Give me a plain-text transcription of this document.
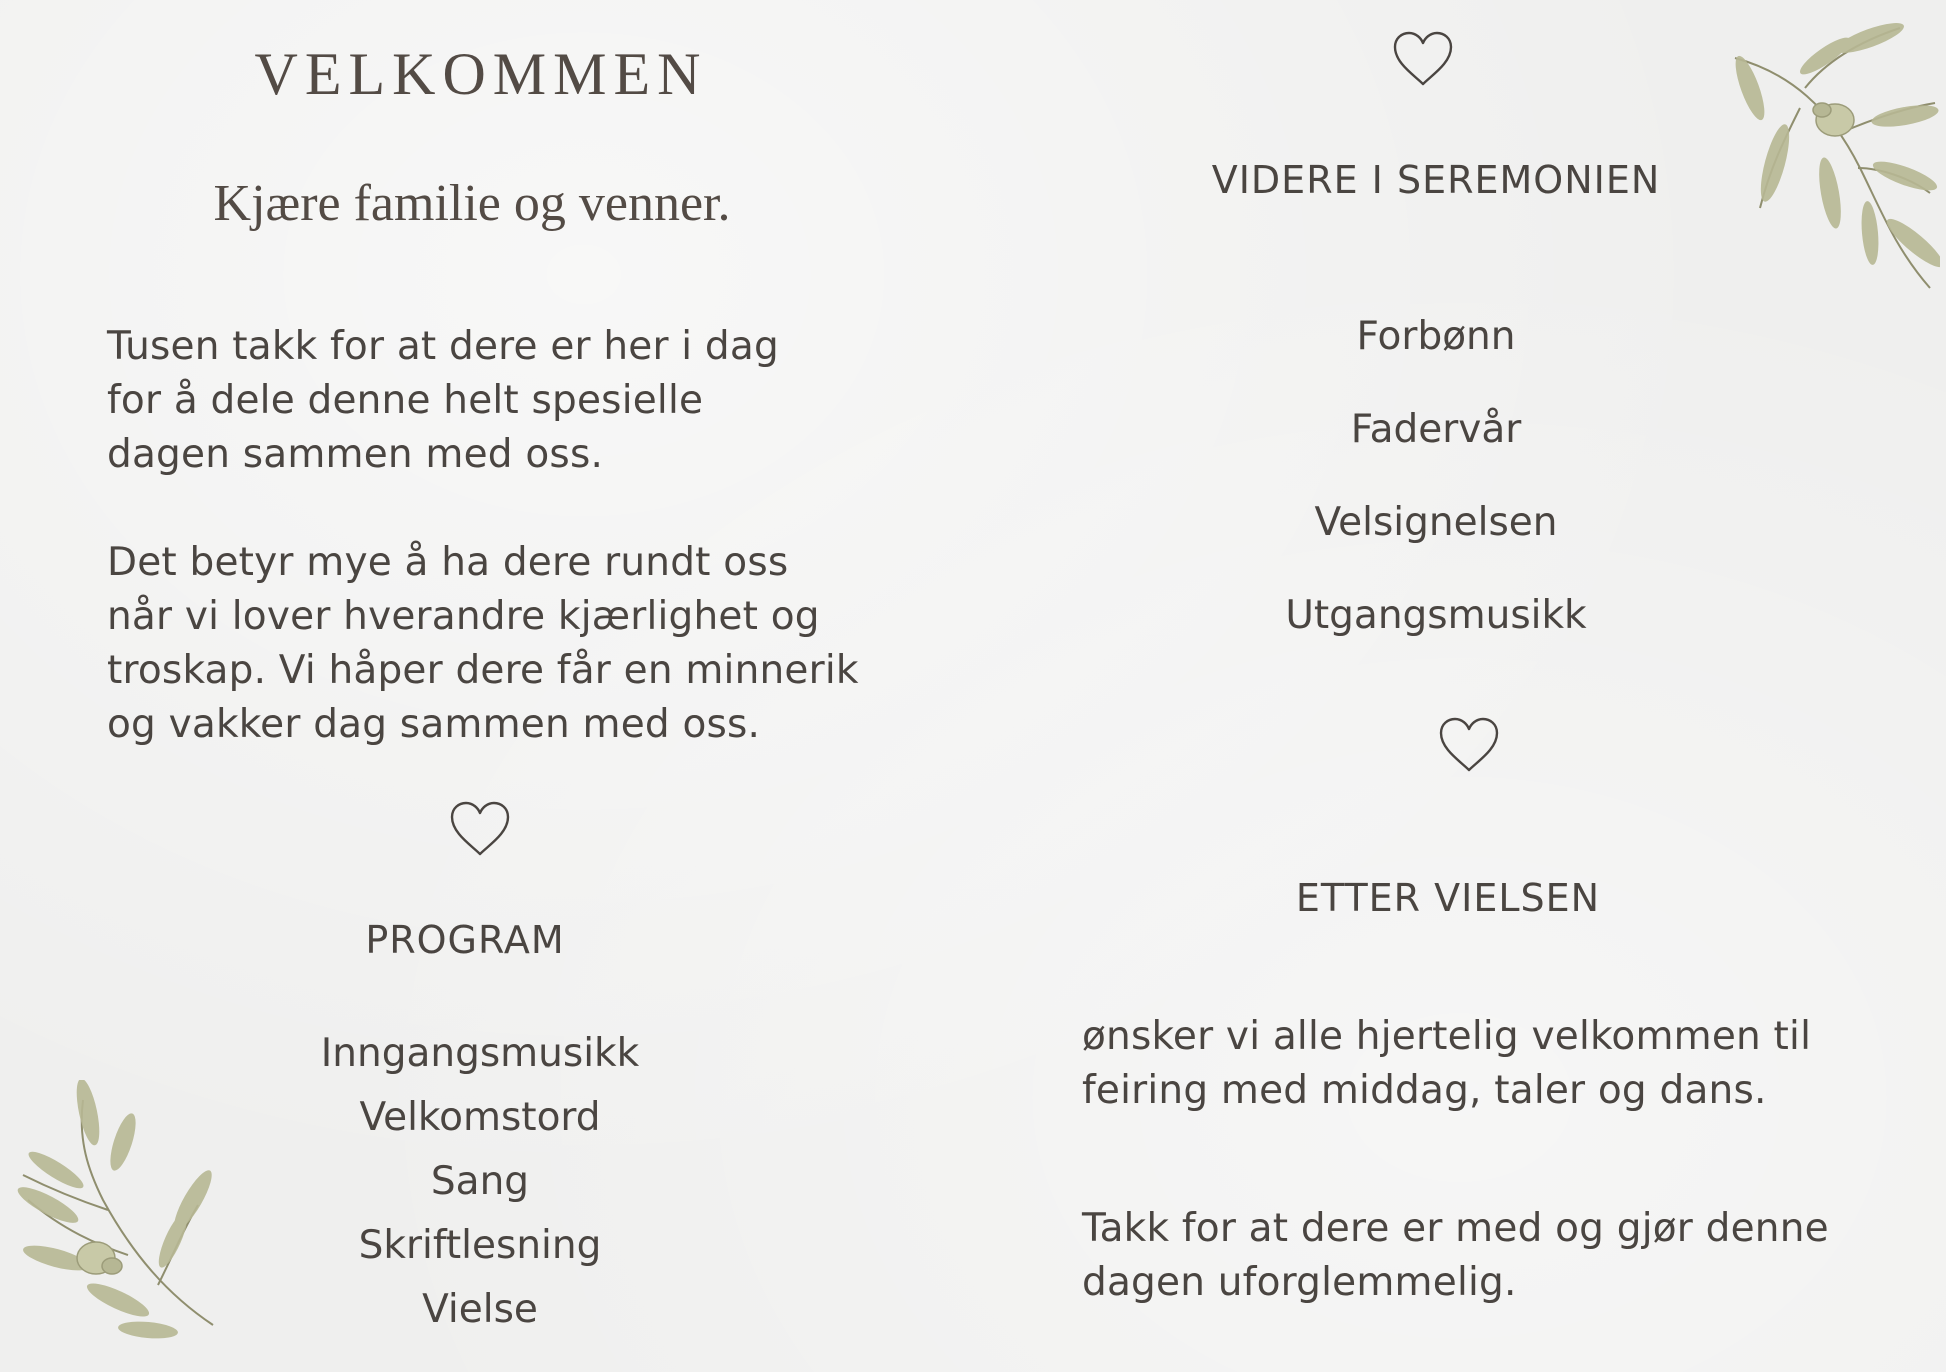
VELKOMMEN
Kjære familie og venner.
Tusen takk for at dere er her i dag
for å dele denne helt spesielle
dagen sammen med oss.
Det betyr mye å ha dere rundt oss
når vi lover hverandre kjærlighet og
troskap. Vi håper dere får en minnerik
og vakker dag sammen med oss.
PROGRAM
Inngangsmusikk
Velkomstord
Sang
Skriftlesning
Vielse
VIDERE I SEREMONIEN
Forbønn
Fadervår
Velsignelsen
Utgangsmusikk
ETTER VIELSEN
ønsker vi alle hjertelig velkommen til
feiring med middag, taler og dans.
Takk for at dere er med og gjør denne
dagen uforglemmelig.
